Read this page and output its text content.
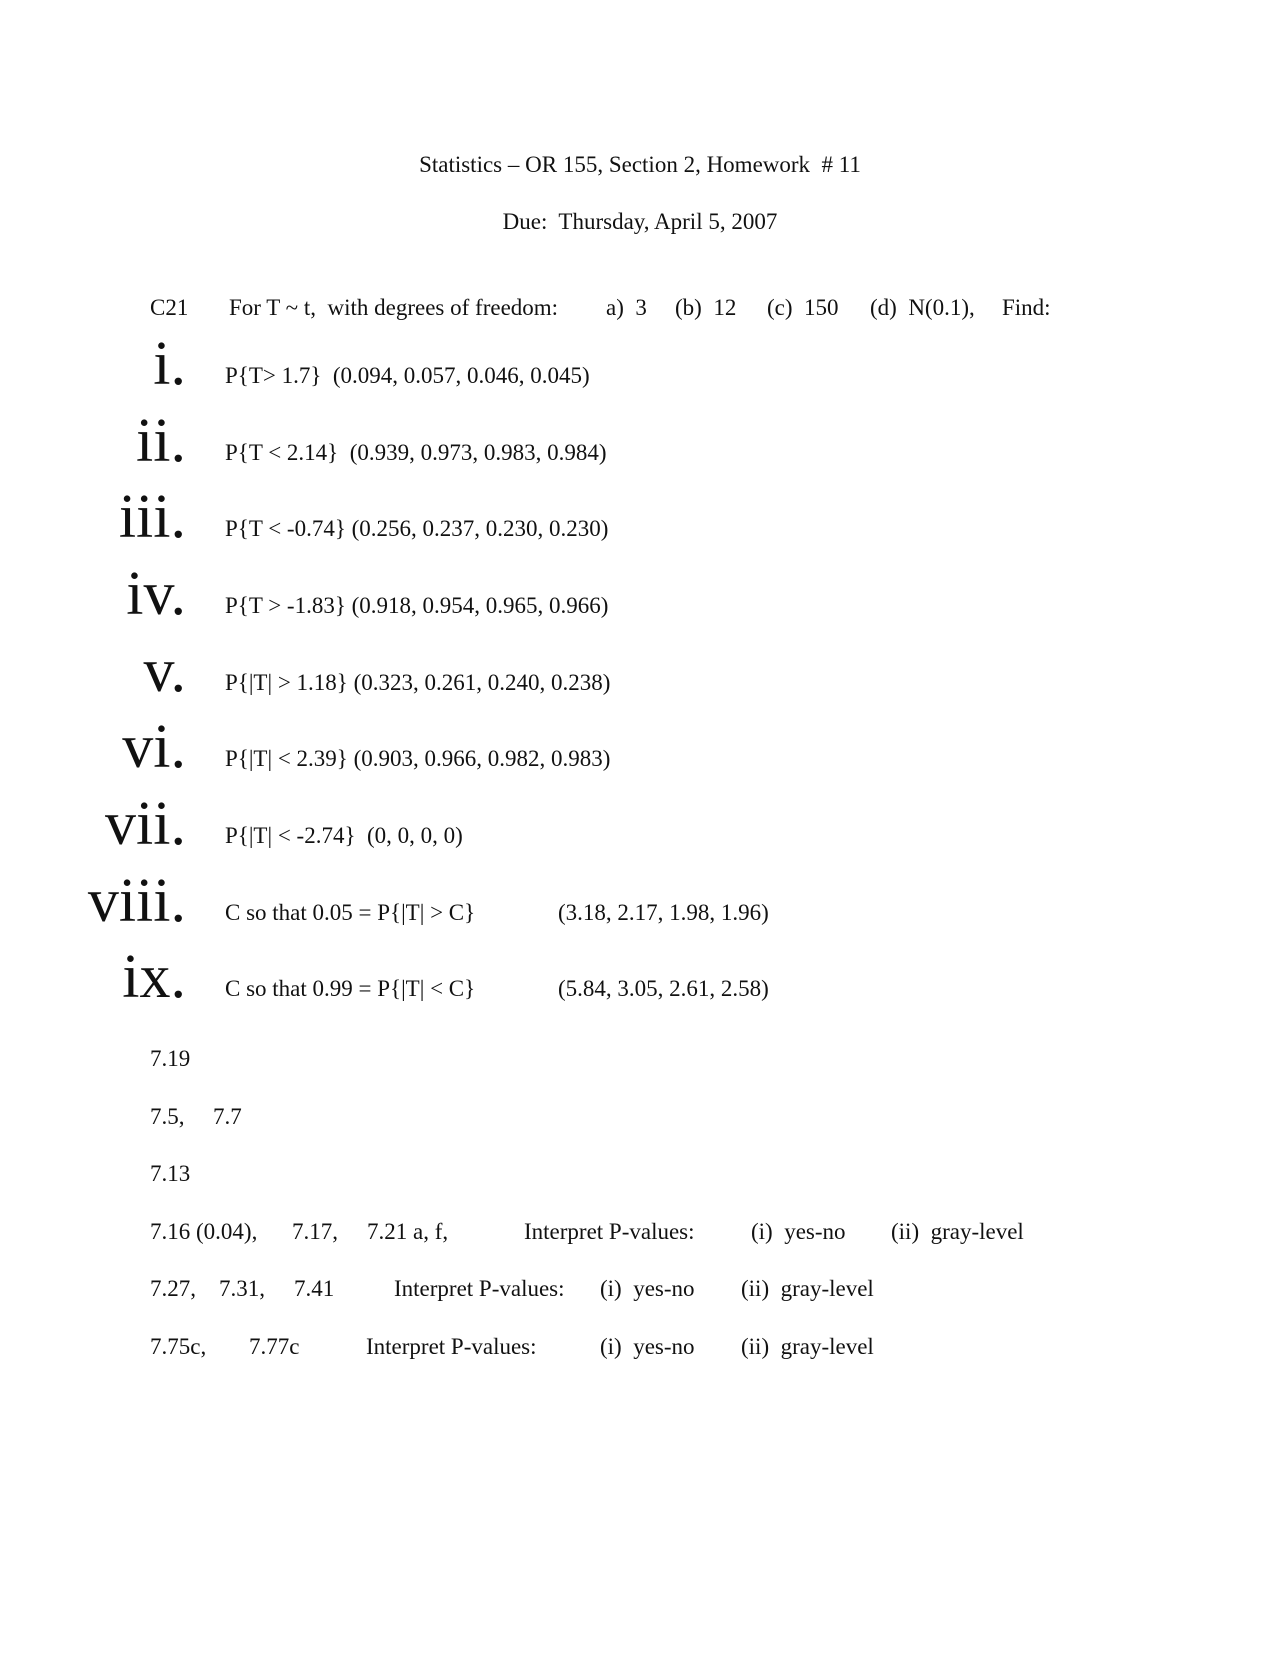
Statistics – OR 155, Section 2, Homework  # 11
Due:  Thursday, April 5, 2007
C21 For T ~ t,  with degrees of freedom: a)  3 (b)  12 (c)  150 (d)  N(0.1), Find:
i. P{T> 1.7}  (0.094, 0.057, 0.046, 0.045)
ii. P{T < 2.14}  (0.939, 0.973, 0.983, 0.984)
iii. P{T < -0.74} (0.256, 0.237, 0.230, 0.230)
iv. P{T > -1.83} (0.918, 0.954, 0.965, 0.966)
v. P{|T| > 1.18} (0.323, 0.261, 0.240, 0.238)
vi. P{|T| < 2.39} (0.903, 0.966, 0.982, 0.983)
vii. P{|T| < -2.74}  (0, 0, 0, 0)
viii. C so that 0.05 = P{|T| > C}	(3.18, 2.17, 1.98, 1.96)
ix. C so that 0.99 = P{|T| < C}	(5.84, 3.05, 2.61, 2.58)
7.19
7.5, 7.7
7.13
7.16 (0.04), 7.17, 7.21 a, f,	Interpret P-values: (i)  yes-no (ii)  gray-level
7.27, 7.31, 7.41	Interpret P-values: (i)  yes-no (ii)  gray-level
7.75c, 7.77c	Interpret P-values:	(i)  yes-no (ii)  gray-level
